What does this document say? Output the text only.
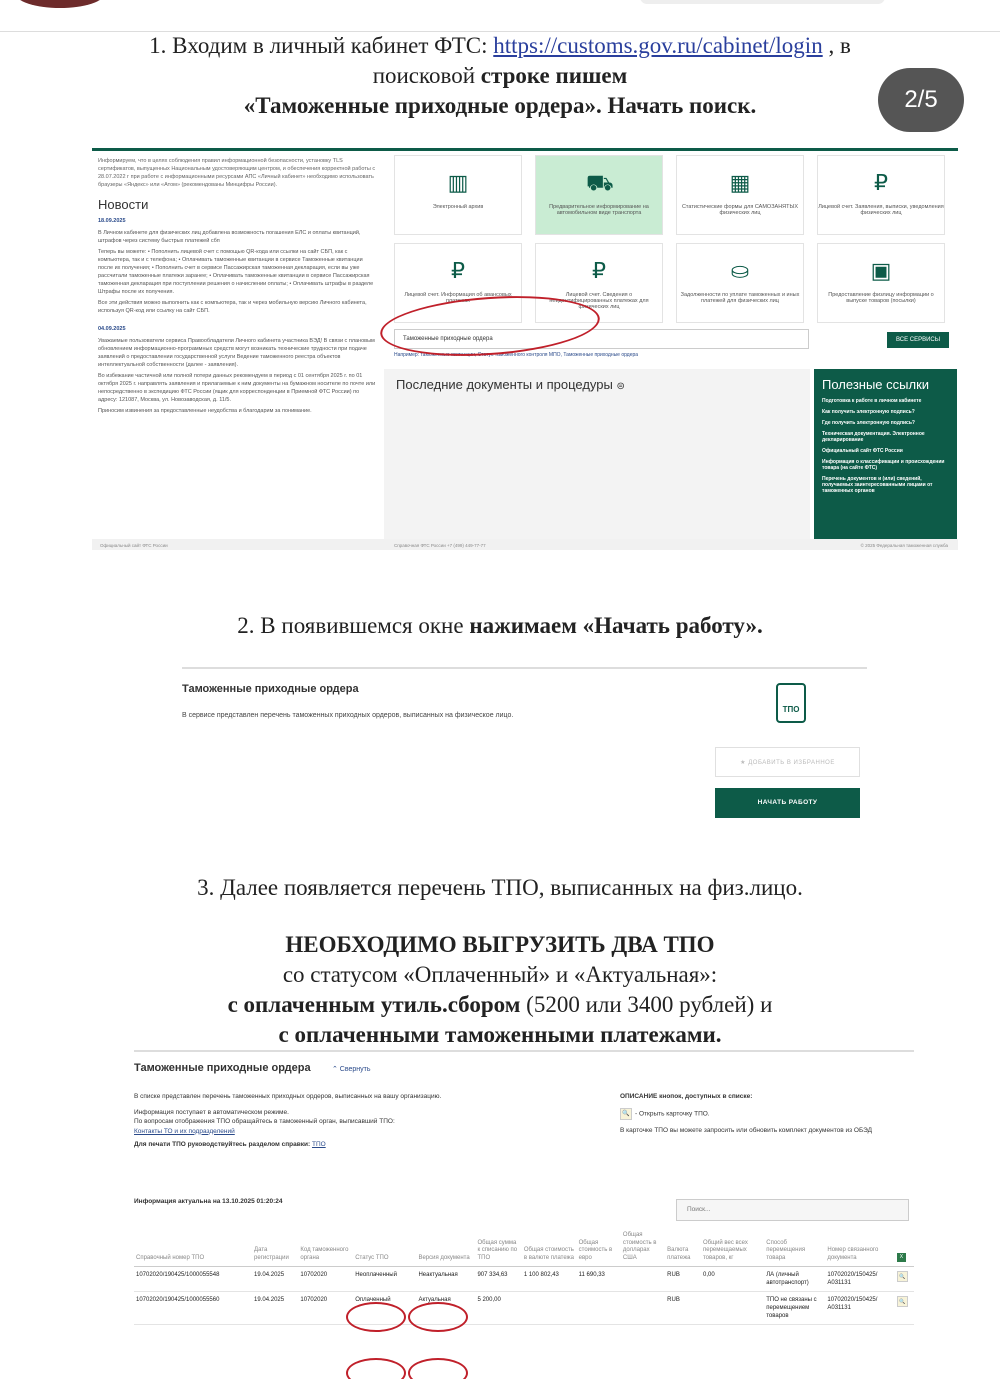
1. Входим в личный кабинет ФТС: https://customs.gov.ru/cabinet/login , в
поисковой строке пишем
«Таможенные приходные ордера». Начать поиск.	2/5
Информируем, что в целях соблюдения правил информационной безопасности, установку TLS сертификатов, выпущенных Национальным удостоверяющим центром, и обеспечения корректной работы с 28.07.2022 г при работе с информационными ресурсами АПС «Личный кабинет» необходимо использовать браузеры «Яндекс» или «Атом» (рекомендованы Минцифры России).
Новости
18.09.2025
В Личном кабинете для физических лиц добавлена возможность погашения ЕЛС и оплаты квитанций, штрафов через систему быстрых платежей сбп
Теперь вы можете: • Пополнить лицевой счет с помощью QR-кода или ссылки на сайт СБП, как с компьютера, так и с телефона; • Оплачивать таможенные квитанции в сервисе Таможенные квитанции после их получения; • Пополнить счет в сервисе Пассажирская таможенная декларация, если вы уже рассчитали таможенные платежи заранее; • Оплачивать таможенные квитанции в сервисе Пассажирская таможенная декларация при поступлении решения о начислении оплаты; • Оплачивать штрафы в разделе Штрафы после их получения.
Все эти действия можно выполнить как с компьютера, так и через мобильную версию Личного кабинета, используя QR-код или ссылку на сайт СБП.
04.09.2025
Уважаемые пользователи сервиса Правообладатели Личного кабинета участника ВЭД! В связи с плановым обновлением информационно-программных средств могут возникать технические трудности при подаче заявлений о предоставлении государственной услуги Ведение таможенного реестра объектов интеллектуальной собственности (далее - заявления).
Во избежание частичной или полной потери данных рекомендуем в период с 01 сентября 2025 г. по 01 октября 2025 г. направлять заявления и прилагаемые к ним документы на бумажном носителе по почте или непосредственно в экспедицию ФТС России (ящик для корреспонденции в Приемной ФТС России) по адресу: 121087, Москва, ул. Новозаводская, д. 11/5.
Приносим извинения за предоставленные неудобства и благодарим за понимание.
▥
Электронный архив
⛟
Предварительное информирование на автомобильном виде транспорта
▦
Статистические формы для САМОЗАНЯТЫХ физических лиц
₽
Лицевой счет. Заявления, выписки, уведомления физических лиц
₽
Лицевой счет. Информация об авансовых платежах
₽
Лицевой счет. Сведения о неидентифицированных платежах для физических лиц
⛀
Задолженности по уплате таможенных и иных платежей для физических лиц
▣
Предоставление физлицу информации о выпуске товаров (посылки)
Таможенные приходные ордера	ВСЕ СЕРВИСЫ
Например: таможенные квитанции, Статус таможенного контроля МПО, Таможенные приходные ордера
Последние документы и процедуры ⊜	Полезные ссылки
Подготовка к работе в личном кабинете
Как получить электронную подпись?
Где получить электронную подпись?
Техническая документация. Электронное декларирование
Официальный сайт ФТС России
Информация о классификации и происхождении товара (на сайте ФТС)
Перечень документов и (или) сведений, получаемых заинтересованными лицами от таможенных органов
Официальный сайт ФТС России	Справочная ФТС России +7 (499) 449-77-77	© 2025 Федеральная таможенная служба
2. В появившемся окне нажимаем «Начать работу».
Таможенные приходные ордера
В сервисе представлен перечень таможенных приходных ордеров, выписанных на физическое лицо.
ТПО
★ ДОБАВИТЬ В ИЗБРАННОЕ
НАЧАТЬ РАБОТУ
3. Далее появляется перечень ТПО, выписанных на физ.лицо.
НЕОБХОДИМО ВЫГРУЗИТЬ ДВА ТПО
со статусом «Оплаченный» и «Актуальная»:
с оплаченным утиль.сбором (5200 или 3400 рублей) и
с оплаченными таможенными платежами.
Таможенные приходные ордера	⌃ Свернуть
В списке представлен перечень таможенных приходных ордеров, выписанных на вашу организацию.
Информация поступает в автоматическом режиме.
По вопросам отображения ТПО обращайтесь в таможенный орган, выписавший ТПО:
Контакты ТО и их подразделений
Для печати ТПО руководствуйтесь разделом справки: ТПО
ОПИСАНИЕ кнопок, доступных в списке:
🔍 - Открыть карточку ТПО.
В карточке ТПО вы можете запросить или обновить комплект документов из ОБЭД
Информация актуальна на 13.10.2025 01:20:24
Поиск...
Справочный номер ТПО	Дата регистрации	Код таможенного органа	Статус ТПО	Версия документа	Общая сумма к списанию по ТПО	Общая стоимость в валюте платежа	Общая стоимость в евро	Общая стоимость в долларах США	Валюта платежа	Общий вес всех перемещаемых товаров, кг	Способ перемещения товара	Номер связанного документа	X
10702020/190425/1000055548	19.04.2025	10702020	Неоплаченный	Неактуальная	907 334,63	1 100 802,43	11 690,33		RUB	0,00	ЛА (личный автотранспорт)	10702020/150425/ A031131	🔍
10702020/190425/1000055560	19.04.2025	10702020	Оплаченный	Актуальная	5 200,00				RUB		ТПО не связаны с перемещением товаров	10702020/150425/ A031131	🔍
